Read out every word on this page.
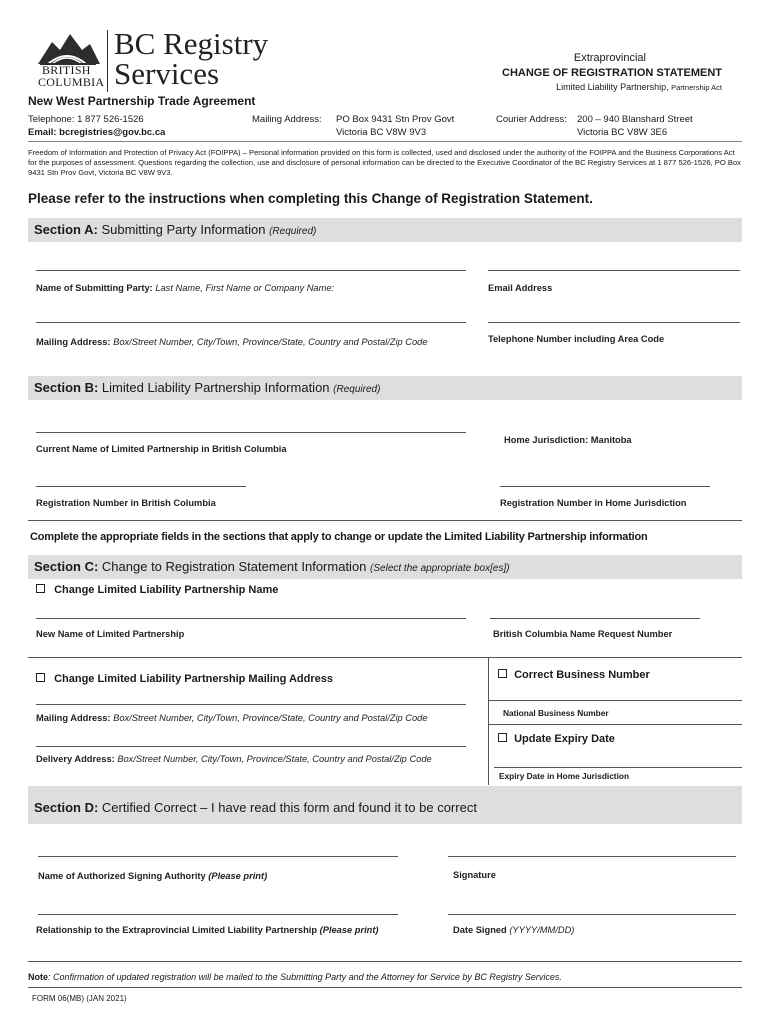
BRITISH
COLUMBIA
BC Registry
Services
New West Partnership Trade Agreement
Extraprovincial
CHANGE OF REGISTRATION STATEMENT
Limited Liability Partnership, Partnership Act
Telephone: 1 877 526-1526
Email: bcregistries@gov.bc.ca
Mailing Address: PO Box 9431 Stn Prov Govt
Victoria BC V8W 9V3
Courier Address: 200 – 940 Blanshard Street
Victoria BC V8W 3E6
Freedom of Information and Protection of Privacy Act (FOIPPA) – Personal information provided on this form is collected, used and disclosed under the authority of the FOIPPA and the Business Corporations Act for the purposes of assessment. Questions regarding the collection, use and disclosure of personal information can be directed to the Executive Coordinator of the BC Registry Services at 1 877 526-1526, PO Box 9431 Stn Prov Govt, Victoria BC V8W 9V3.
Please refer to the instructions when completing this Change of Registration Statement.
Section A: Submitting Party Information (Required)
Name of Submitting Party: Last Name, First Name or Company Name:	Email Address
Mailing Address: Box/Street Number, City/Town, Province/State, Country and Postal/Zip Code	Telephone Number including Area Code
Section B: Limited Liability Partnership Information (Required)
Home Jurisdiction: Manitoba
Current Name of Limited Partnership in British Columbia
Registration Number in British Columbia	Registration Number in Home Jurisdiction
Complete the appropriate fields in the sections that apply to change or update the Limited Liability Partnership information
Section C: Change to Registration Statement Information (Select the appropriate box[es])
Change Limited Liability Partnership Name
New Name of Limited Partnership	British Columbia Name Request Number
Change Limited Liability Partnership Mailing Address	Correct Business Number
National Business Number
Mailing Address: Box/Street Number, City/Town, Province/State, Country and Postal/Zip Code
Update Expiry Date
Delivery Address: Box/Street Number, City/Town, Province/State, Country and Postal/Zip Code
Expiry Date in Home Jurisdiction
Section D: Certified Correct – I have read this form and found it to be correct
Name of Authorized Signing Authority (Please print)	Signature
Relationship to the Extraprovincial Limited Liability Partnership (Please print)	Date Signed (YYYY/MM/DD)
Note: Confirmation of updated registration will be mailed to the Submitting Party and the Attorney for Service by BC Registry Services.
FORM 06(MB) (JAN 2021)
